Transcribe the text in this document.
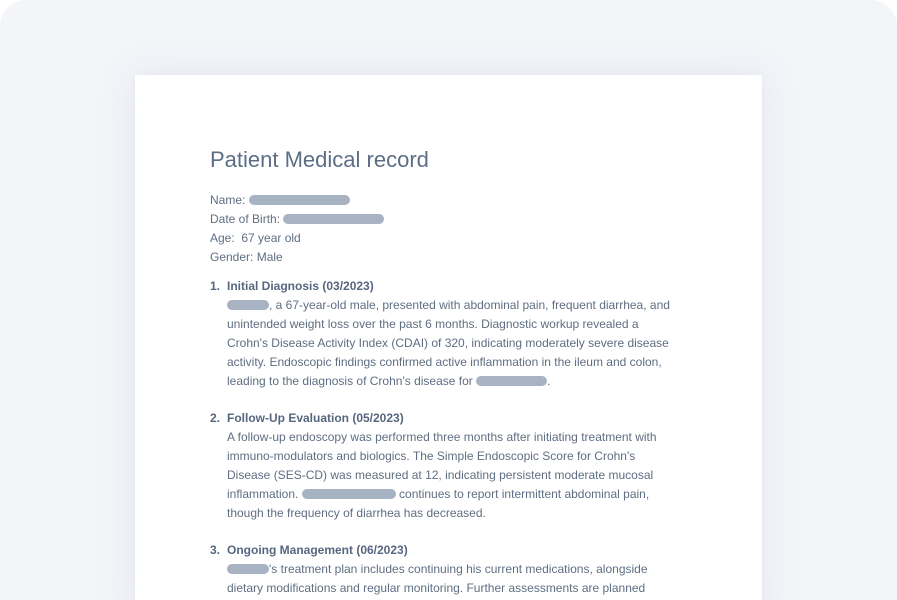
Patient Medical record
Name:
Date of Birth:
Age: 67 year old
Gender: Male
1. Initial Diagnosis (03/2023)
, a 67-year-old male, presented with abdominal pain, frequent diarrhea, and unintended weight loss over the past 6 months. Diagnostic workup revealed a Crohn's Disease Activity Index (CDAI) of 320, indicating moderately severe disease activity. Endoscopic findings confirmed active inflammation in the ileum and colon, leading to the diagnosis of Crohn's disease for	.
2. Follow-Up Evaluation (05/2023)
A follow-up endoscopy was performed three months after initiating treatment with immuno-modulators and biologics. The Simple Endoscopic Score for Crohn's Disease (SES-CD) was measured at 12, indicating persistent moderate mucosal inflammation.	continues to report intermittent abdominal pain, though the frequency of diarrhea has decreased.
3. Ongoing Management (06/2023)
's treatment plan includes continuing his current medications, alongside dietary modifications and regular monitoring. Further assessments are planned
